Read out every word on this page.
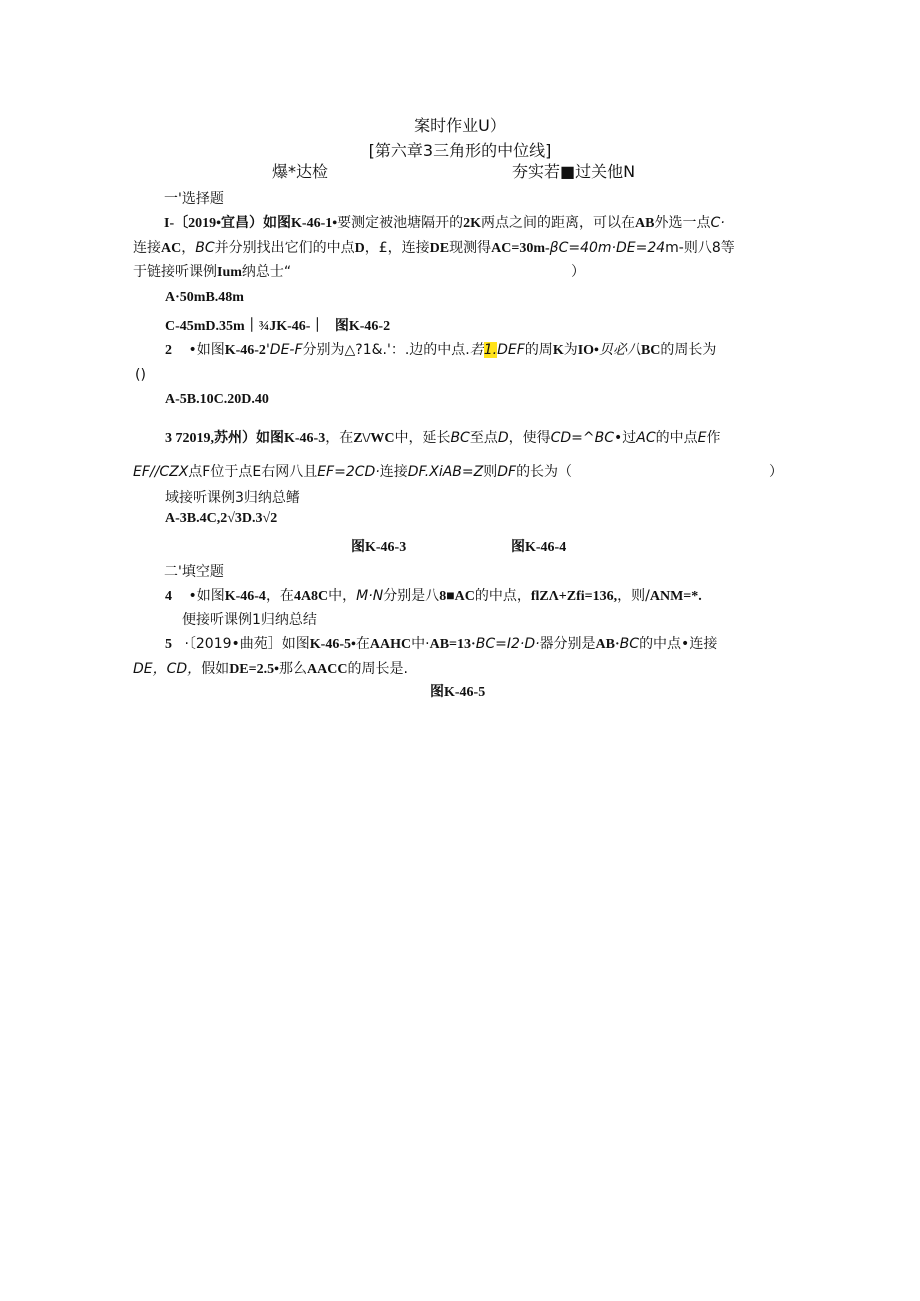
案时作业U）
[第六章3三角形的中位线]
爆*达检	夯实若■过关他N
一'选择题
I-〔2019•宜昌）如图K-46-1•要测定被池塘隔开的2K两点之间的距离，可以在AB外选一点C·
连接AC，BC并分别找出它们的中点D，£，连接DE现测得AC=30m-βC=40m·DE=24m-则八8等
于链接听课例Ium纳总士“	）
A·50mB.48m
C-45mD.35m｜¾JK-46-｜ 图K-46-2
2 •如图K-46-2'DE-F分别为△?1&.'：.边的中点.若1.DEF的周K为IO•贝必八BC的周长为
()
A-5B.10C.20D.40
3 72019,苏州）如图K-46-3，在Z\/WC中，延长BC至点D，使得CD=^BC•过AC的中点E作
EF//CZX点F位于点E右网八且EF=2CD·连接DF.XiAB=Z则DF的长为（	）
域接听课例3归纳总鳍
A-3B.4C,2√3D.3√2
图K-46-3	图K-46-4
二'填空题
4 •如图K-46-4，在4A8C中，M·N分别是八8■AC的中点，flZΛ+Zfi=136,，则/ANM=*.
便接听课例1归纳总结
5 ·〔2019•曲苑］如图K-46-5•在AAHC中·AB=13·BC=I2·D·器分别是AB·BC的中点•连接
DE，CD，假如DE=2.5•那么AACC的周长是.
图K-46-5
